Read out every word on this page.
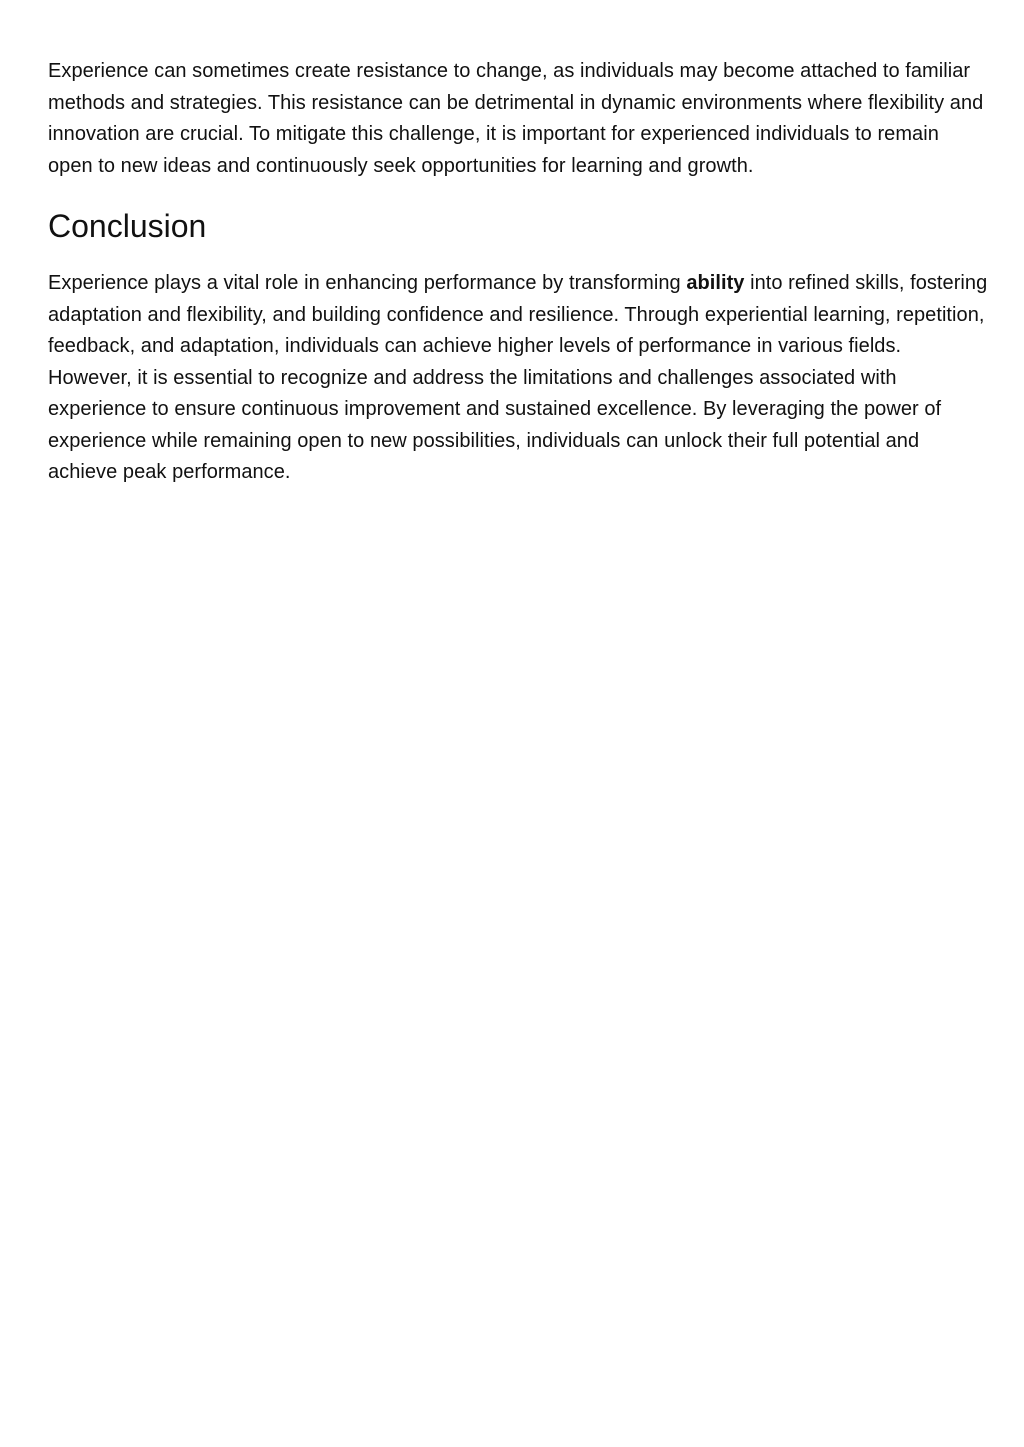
Experience can sometimes create resistance to change, as individuals may become attached to familiar methods and strategies. This resistance can be detrimental in dynamic environments where flexibility and innovation are crucial. To mitigate this challenge, it is important for experienced individuals to remain open to new ideas and continuously seek opportunities for learning and growth.

Conclusion

Experience plays a vital role in enhancing performance by transforming ability into refined skills, fostering adaptation and flexibility, and building confidence and resilience. Through experiential learning, repetition, feedback, and adaptation, individuals can achieve higher levels of performance in various fields. However, it is essential to recognize and address the limitations and challenges associated with experience to ensure continuous improvement and sustained excellence. By leveraging the power of experience while remaining open to new possibilities, individuals can unlock their full potential and achieve peak performance.
